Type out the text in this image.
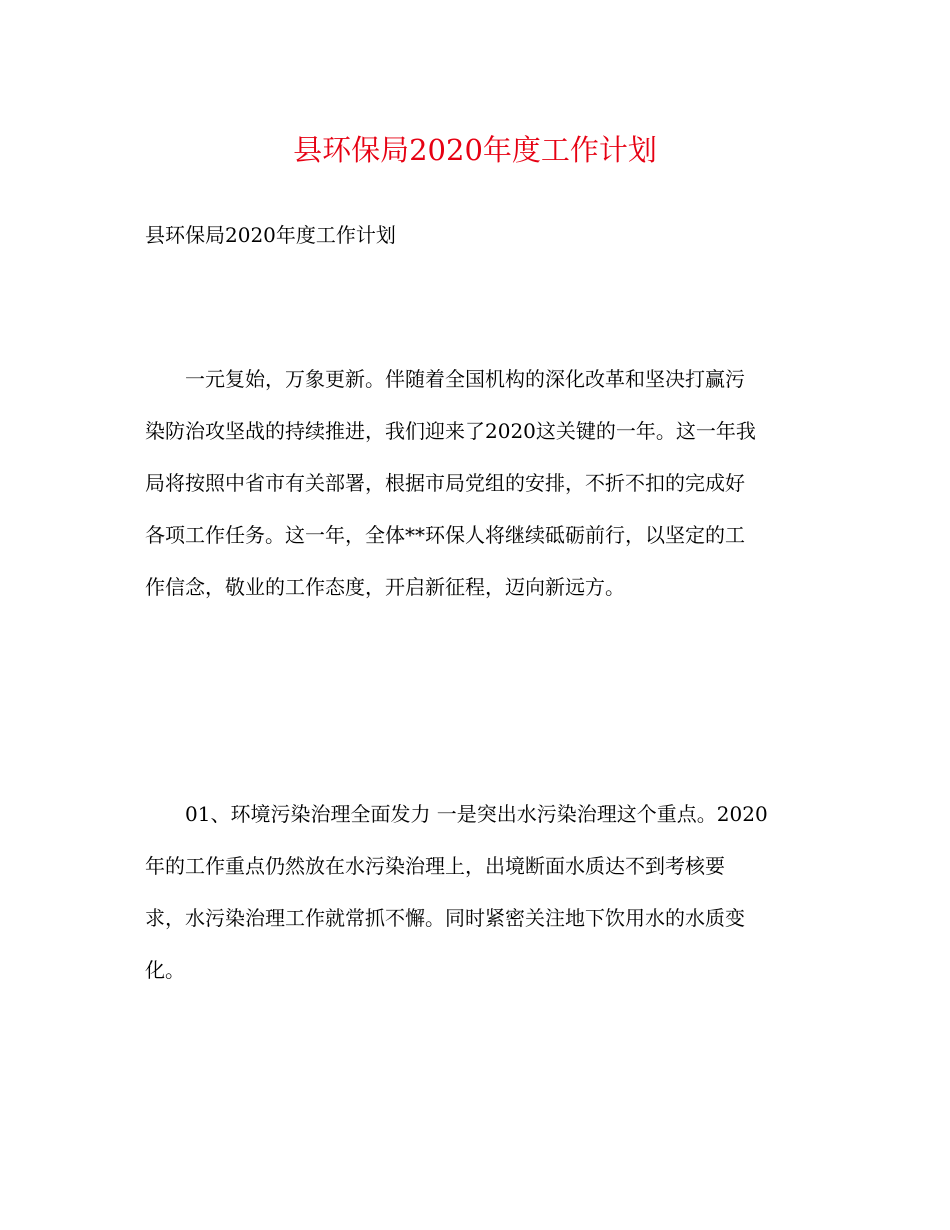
县环保局2020年度工作计划
县环保局2020年度工作计划
　　一元复始，万象更新。伴随着全国机构的深化改革和坚决打赢污
染防治攻坚战的持续推进，我们迎来了2020这关键的一年。这一年我
局将按照中省市有关部署，根据市局党组的安排，不折不扣的完成好
各项工作任务。这一年，全体**环保人将继续砥砺前行，以坚定的工
作信念，敬业的工作态度，开启新征程，迈向新远方。
　　01、环境污染治理全面发力 一是突出水污染治理这个重点。2020
年的工作重点仍然放在水污染治理上，出境断面水质达不到考核要
求，水污染治理工作就常抓不懈。同时紧密关注地下饮用水的水质变
化。
